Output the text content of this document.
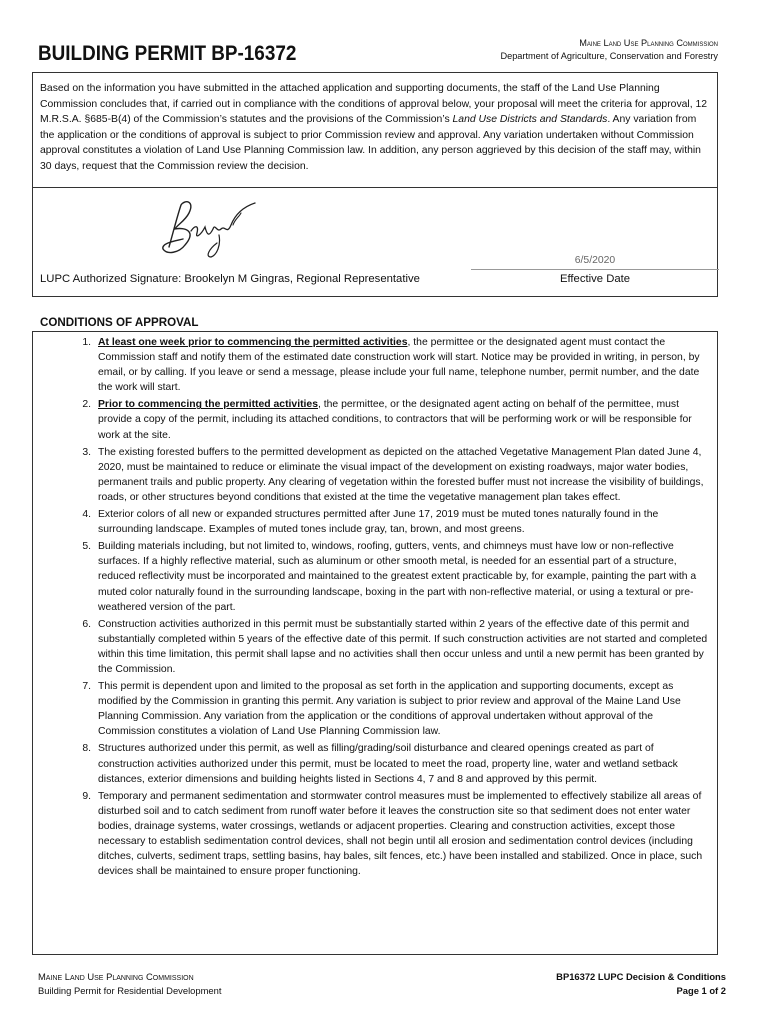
BUILDING PERMIT BP-16372	Maine Land Use Planning Commission
Department of Agriculture, Conservation and Forestry
Based on the information you have submitted in the attached application and supporting documents, the staff of the Land Use Planning Commission concludes that, if carried out in compliance with the conditions of approval below, your proposal will meet the criteria for approval, 12 M.R.S.A. §685-B(4) of the Commission’s statutes and the provisions of the Commission’s Land Use Districts and Standards. Any variation from the application or the conditions of approval is subject to prior Commission review and approval. Any variation undertaken without Commission approval constitutes a violation of Land Use Planning Commission law. In addition, any person aggrieved by this decision of the staff may, within 30 days, request that the Commission review the decision.
LUPC Authorized Signature: Brookelyn M Gingras, Regional Representative
6/5/2020
Effective Date
CONDITIONS OF APPROVAL
1. At least one week prior to commencing the permitted activities, the permittee or the designated agent must contact the Commission staff and notify them of the estimated date construction work will start. Notice may be provided in writing, in person, by email, or by calling. If you leave or send a message, please include your full name, telephone number, permit number, and the date the work will start.
2. Prior to commencing the permitted activities, the permittee, or the designated agent acting on behalf of the permittee, must provide a copy of the permit, including its attached conditions, to contractors that will be performing work or will be responsible for work at the site.
3. The existing forested buffers to the permitted development as depicted on the attached Vegetative Management Plan dated June 4, 2020, must be maintained to reduce or eliminate the visual impact of the development on existing roadways, major water bodies, permanent trails and public property. Any clearing of vegetation within the forested buffer must not increase the visibility of buildings, roads, or other structures beyond conditions that existed at the time the vegetative management plan takes effect.
4. Exterior colors of all new or expanded structures permitted after June 17, 2019 must be muted tones naturally found in the surrounding landscape. Examples of muted tones include gray, tan, brown, and most greens.
5. Building materials including, but not limited to, windows, roofing, gutters, vents, and chimneys must have low or non-reflective surfaces. If a highly reflective material, such as aluminum or other smooth metal, is needed for an essential part of a structure, reduced reflectivity must be incorporated and maintained to the greatest extent practicable by, for example, painting the part with a muted color naturally found in the surrounding landscape, boxing in the part with non-reflective material, or using a textural or pre-weathered version of the part.
6. Construction activities authorized in this permit must be substantially started within 2 years of the effective date of this permit and substantially completed within 5 years of the effective date of this permit. If such construction activities are not started and completed within this time limitation, this permit shall lapse and no activities shall then occur unless and until a new permit has been granted by the Commission.
7. This permit is dependent upon and limited to the proposal as set forth in the application and supporting documents, except as modified by the Commission in granting this permit. Any variation is subject to prior review and approval of the Maine Land Use Planning Commission. Any variation from the application or the conditions of approval undertaken without approval of the Commission constitutes a violation of Land Use Planning Commission law.
8. Structures authorized under this permit, as well as filling/grading/soil disturbance and cleared openings created as part of construction activities authorized under this permit, must be located to meet the road, property line, water and wetland setback distances, exterior dimensions and building heights listed in Sections 4, 7 and 8 and approved by this permit.
9. Temporary and permanent sedimentation and stormwater control measures must be implemented to effectively stabilize all areas of disturbed soil and to catch sediment from runoff water before it leaves the construction site so that sediment does not enter water bodies, drainage systems, water crossings, wetlands or adjacent properties. Clearing and construction activities, except those necessary to establish sedimentation control devices, shall not begin until all erosion and sedimentation control devices (including ditches, culverts, sediment traps, settling basins, hay bales, silt fences, etc.) have been installed and stabilized. Once in place, such devices shall be maintained to ensure proper functioning.
Maine Land Use Planning Commission
Building Permit for Residential Development
BP16372 LUPC Decision & Conditions
Page 1 of 2
